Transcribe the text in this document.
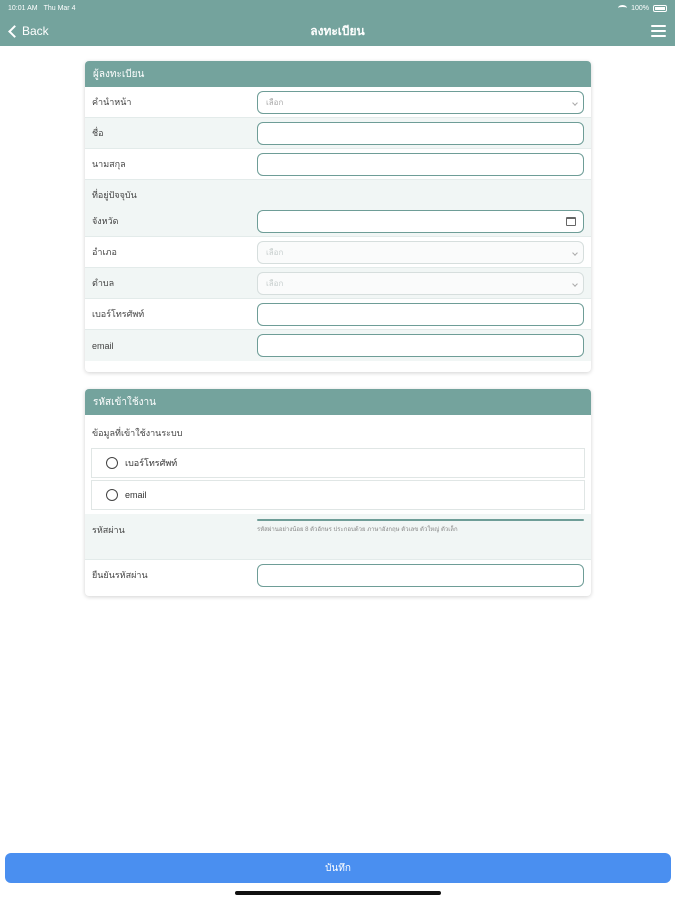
10:01 AM Thu Mar 4	100%
Back	ลงทะเบียน
ผู้ลงทะเบียน
คำนำหน้า	เลือก
ชื่อ
นามสกุล
ที่อยู่ปัจจุบัน
จังหวัด
อำเภอ	เลือก
ตำบล	เลือก
เบอร์โทรศัพท์
email
รหัสเข้าใช้งาน
ข้อมูลที่เข้าใช้งานระบบ
เบอร์โทรศัพท์
email
รหัสผ่าน	รหัสผ่านอย่างน้อย 8 ตัวอักษร ประกอบด้วย ภาษาอังกฤษ ตัวเลข ตัวใหญ่ ตัวเล็ก
ยืนยันรหัสผ่าน
บันทึก
